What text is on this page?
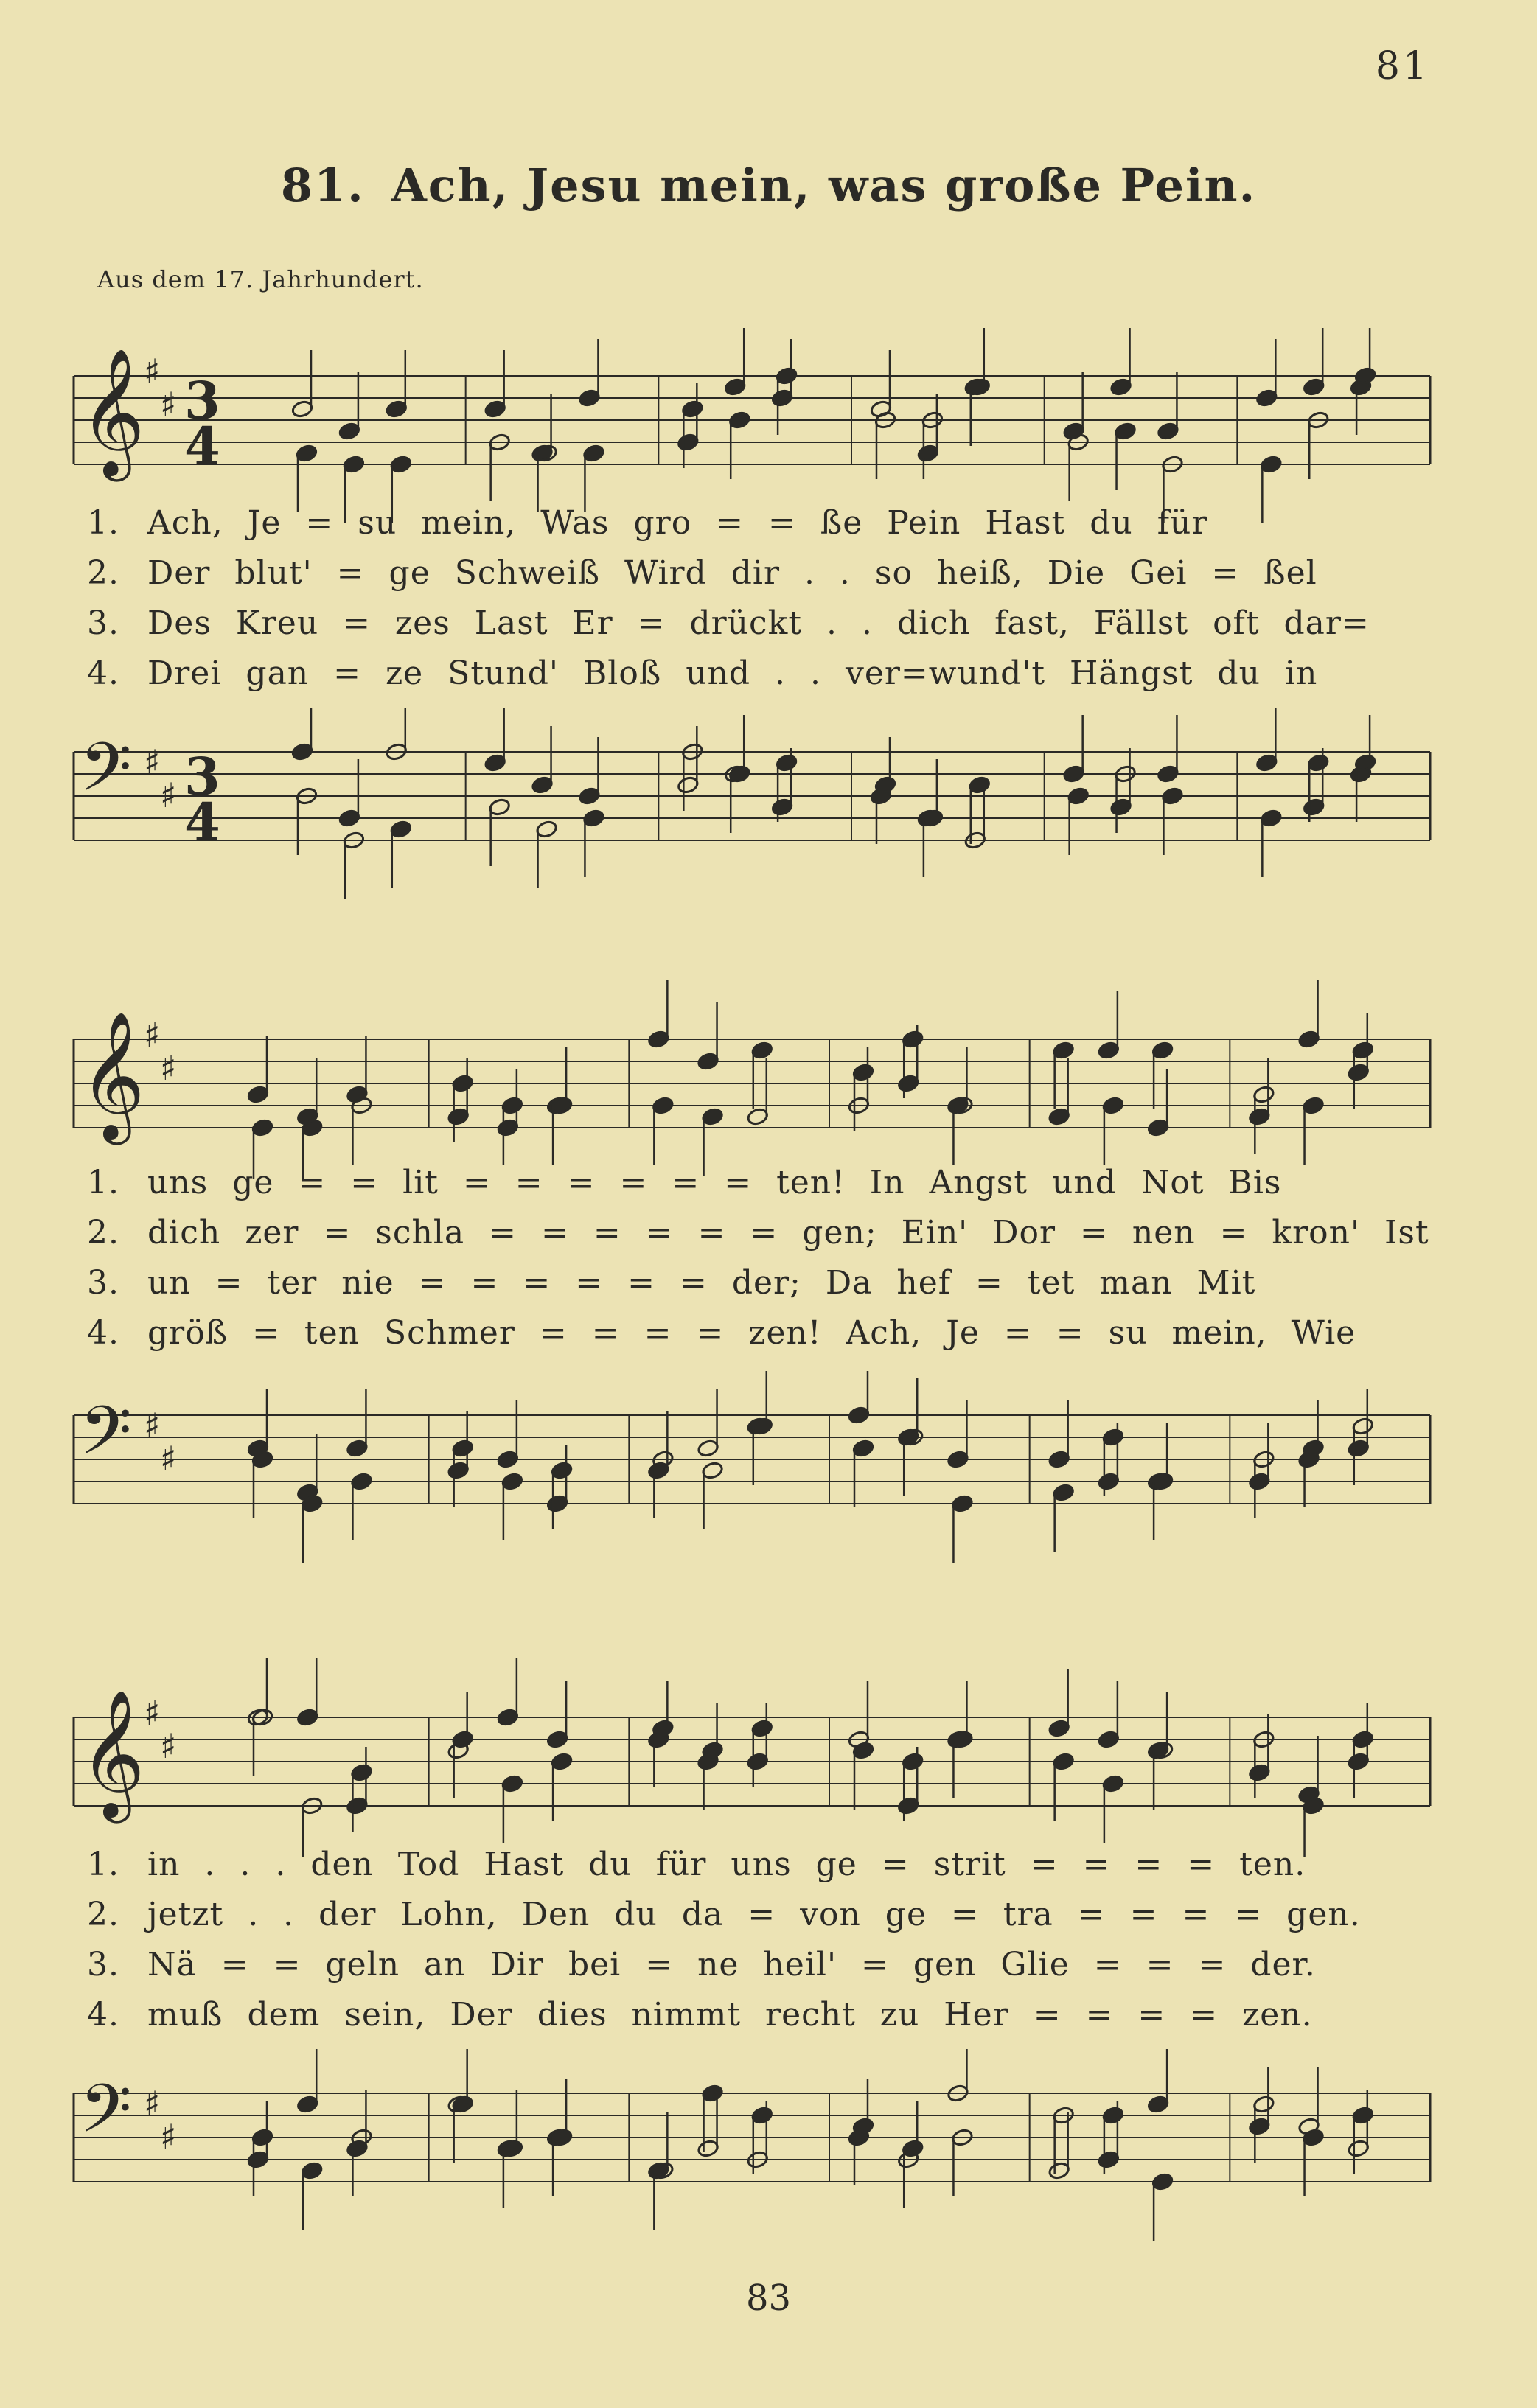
81
81. Ach, Jesu mein, was große Pein.
Aus dem 17. Jahrhundert.
𝄞
♯
♯ 3
4
1. Ach, Je = su mein, Was gro = = ße Pein Hast du für
2. Der blut' = ge Schweiß Wird dir . . so heiß, Die Gei = ßel
3. Des Kreu = zes Last Er = drückt . . dich fast, Fällst oft dar=
4. Drei gan = ze Stund' Bloß und . . ver=wund't Hängst du in
𝄢 ♯
♯ 3
4
𝄞
♯
♯
1. uns ge = = lit = = = = = = ten! In Angst und Not Bis
2. dich zer = schla = = = = = = gen; Ein' Dor = nen = kron' Ist
3. un = ter nie = = = = = = der; Da hef = tet man Mit
4. größ = ten Schmer = = = = zen! Ach, Je = = su mein, Wie
𝄢 ♯
♯
𝄞
♯
♯
1. in . . . den Tod Hast du für uns ge = strit = = = = ten.
2. jetzt . . der Lohn, Den du da = von ge = tra = = = = gen.
3. Nä = = geln an Dir bei = ne heil' = gen Glie = = = der.
4. muß dem sein, Der dies nimmt recht zu Her = = = = zen.
𝄢 ♯
♯
83
